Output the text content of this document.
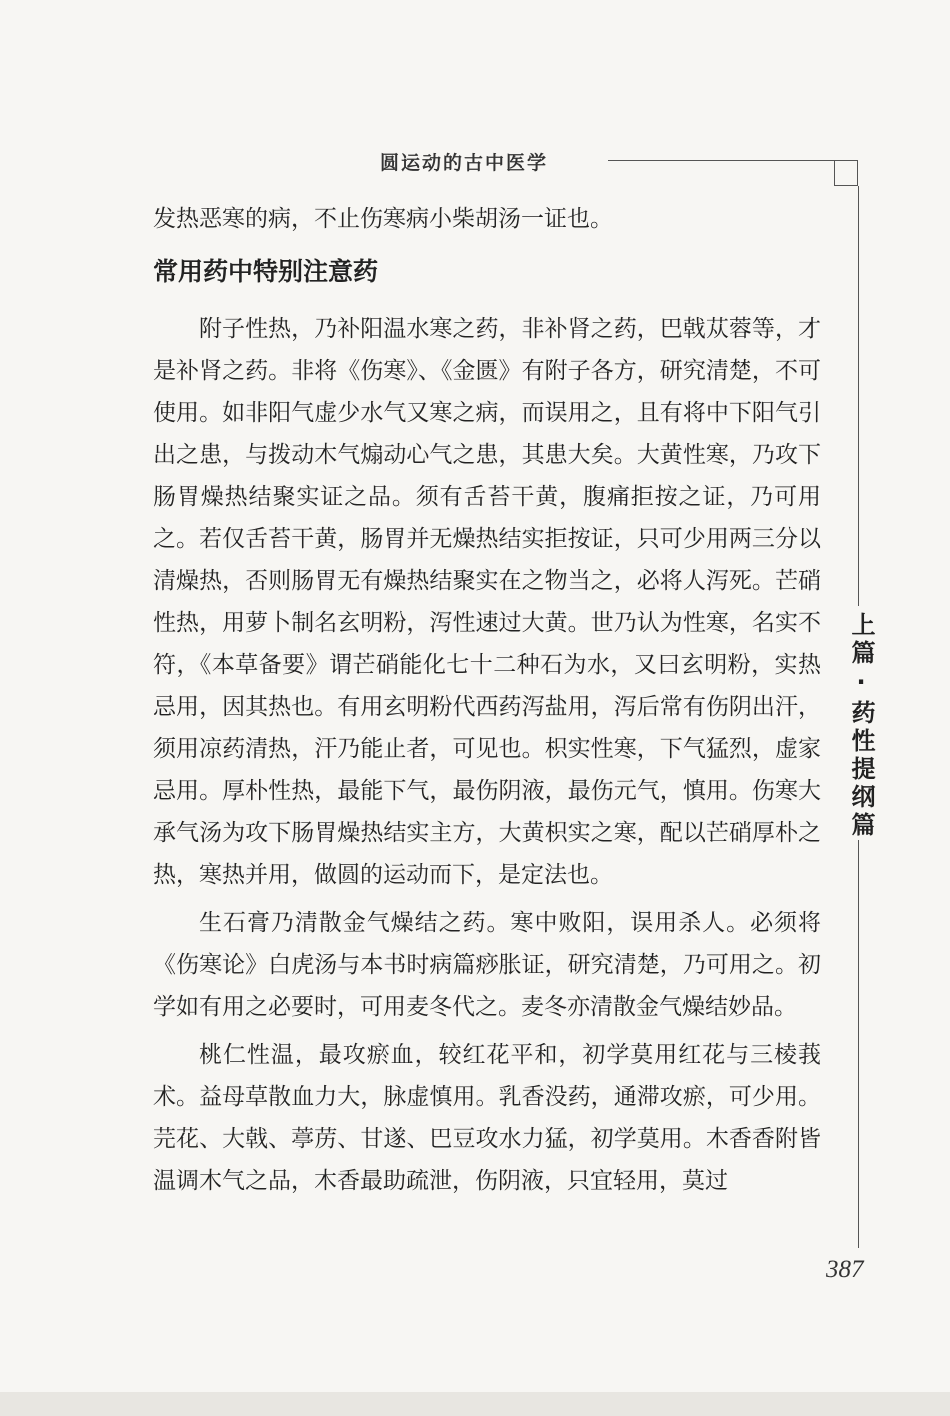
圆运动的古中医学

发热恶寒的病，不止伤寒病小柴胡汤一证也。

常用药中特别注意药

附子性热，乃补阳温水寒之药，非补肾之药，巴戟苁蓉等，才是补肾之药。非将《伤寒》、《金匮》有附子各方，研究清楚，不可使用。如非阳气虚少水气又寒之病，而误用之，且有将中下阳气引出之患，与拨动木气煽动心气之患，其患大矣。大黄性寒，乃攻下肠胃燥热结聚实证之品。须有舌苔干黄，腹痛拒按之证，乃可用之。若仅舌苔干黄，肠胃并无燥热结实拒按证，只可少用两三分以清燥热，否则肠胃无有燥热结聚实在之物当之，必将人泻死。芒硝性热，用萝卜制名玄明粉，泻性速过大黄。世乃认为性寒，名实不符，《本草备要》谓芒硝能化七十二种石为水，又曰玄明粉，实热忌用，因其热也。有用玄明粉代西药泻盐用，泻后常有伤阴出汗，须用凉药清热，汗乃能止者，可见也。枳实性寒，下气猛烈，虚家忌用。厚朴性热，最能下气，最伤阴液，最伤元气，慎用。伤寒大承气汤为攻下肠胃燥热结实主方，大黄枳实之寒，配以芒硝厚朴之热，寒热并用，做圆的运动而下，是定法也。

生石膏乃清散金气燥结之药。寒中败阳，误用杀人。必须将《伤寒论》白虎汤与本书时病篇痧胀证，研究清楚，乃可用之。初学如有用之必要时，可用麦冬代之。麦冬亦清散金气燥结妙品。

桃仁性温，最攻瘀血，较红花平和，初学莫用红花与三棱莪术。益母草散血力大，脉虚慎用。乳香没药，通滞攻瘀，可少用。芫花、大戟、葶苈、甘遂、巴豆攻水力猛，初学莫用。木香香附皆温调木气之品，木香最助疏泄，伤阴液，只宜轻用，莫过

上篇·药性提纲篇
387
